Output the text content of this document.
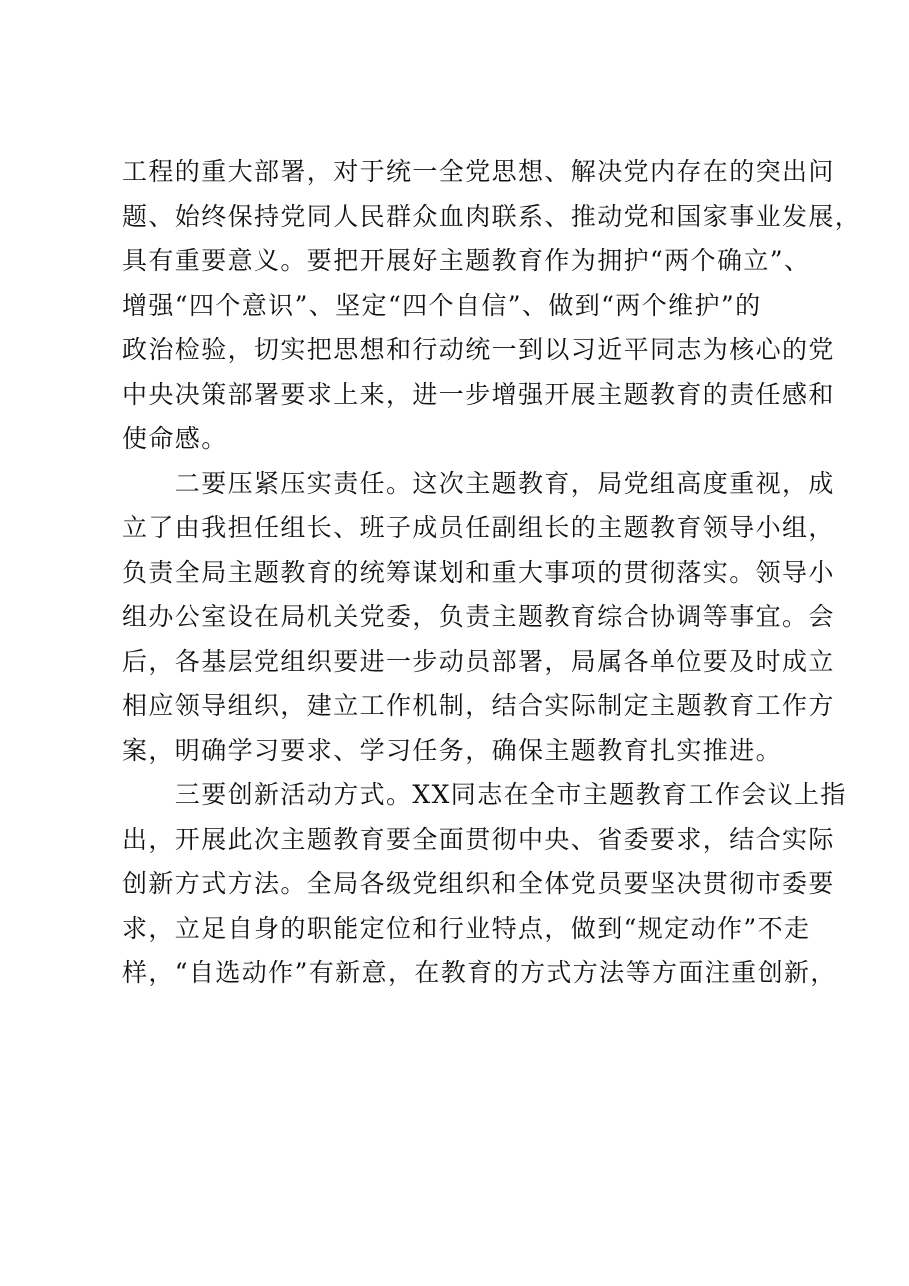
工程的重大部署，对于统一全党思想、解决党内存在的突出问
题、始终保持党同人民群众血肉联系、推动党和国家事业发展，
具有重要意义。要把开展好主题教育作为拥护“两个确立”、
增强“四个意识”、坚定“四个自信”、做到“两个维护”的
政治检验，切实把思想和行动统一到以习近平同志为核心的党
中央决策部署要求上来，进一步增强开展主题教育的责任感和
使命感。
　　二要压紧压实责任。这次主题教育，局党组高度重视，成
立了由我担任组长、班子成员任副组长的主题教育领导小组，
负责全局主题教育的统筹谋划和重大事项的贯彻落实。领导小
组办公室设在局机关党委，负责主题教育综合协调等事宜。会
后，各基层党组织要进一步动员部署，局属各单位要及时成立
相应领导组织，建立工作机制，结合实际制定主题教育工作方
案，明确学习要求、学习任务，确保主题教育扎实推进。
　　三要创新活动方式。XX同志在全市主题教育工作会议上指
出，开展此次主题教育要全面贯彻中央、省委要求，结合实际
创新方式方法。全局各级党组织和全体党员要坚决贯彻市委要
求，立足自身的职能定位和行业特点，做到“规定动作”不走
样，“自选动作”有新意，在教育的方式方法等方面注重创新，
